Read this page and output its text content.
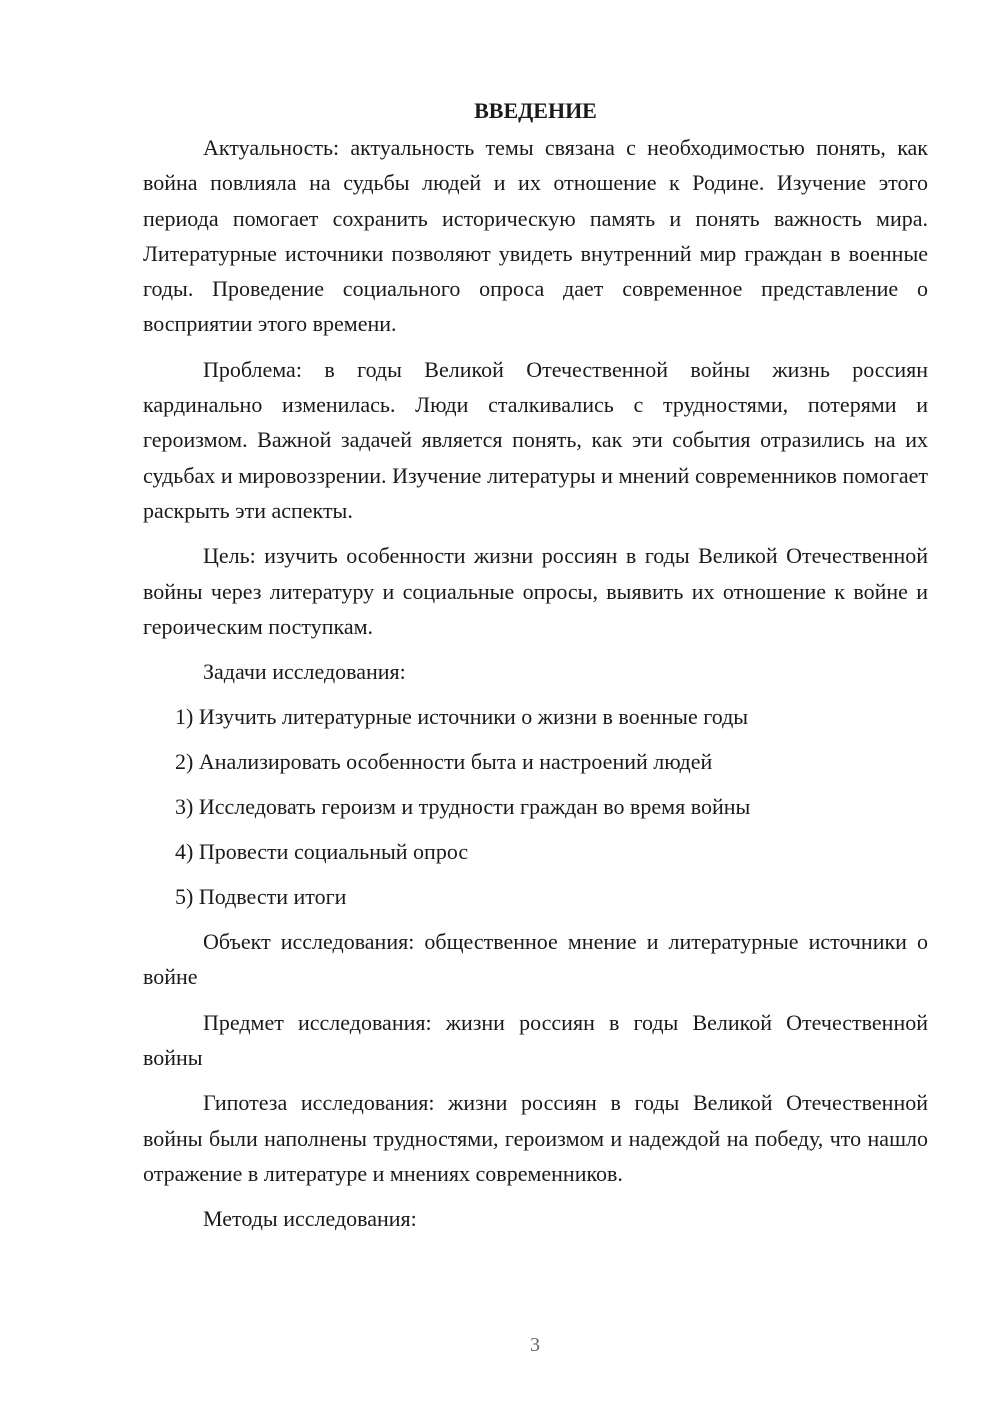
ВВЕДЕНИЕ

Актуальность: актуальность темы связана с необходимостью понять, как война повлияла на судьбы людей и их отношение к Родине. Изучение этого периода помогает сохранить историческую память и понять важность мира. Литературные источники позволяют увидеть внутренний мир граждан в военные годы. Проведение социального опроса дает современное представление о восприятии этого времени.

Проблема: в годы Великой Отечественной войны жизнь россиян кардинально изменилась. Люди сталкивались с трудностями, потерями и героизмом. Важной задачей является понять, как эти события отразились на их судьбах и мировоззрении. Изучение литературы и мнений современников помогает раскрыть эти аспекты.

Цель: изучить особенности жизни россиян в годы Великой Отечественной войны через литературу и социальные опросы, выявить их отношение к войне и героическим поступкам.

Задачи исследования:

1) Изучить литературные источники о жизни в военные годы
2) Анализировать особенности быта и настроений людей
3) Исследовать героизм и трудности граждан во время войны
4) Провести социальный опрос
5) Подвести итоги

Объект исследования: общественное мнение и литературные источники о войне

Предмет исследования: жизни россиян в годы Великой Отечественной войны

Гипотеза исследования: жизни россиян в годы Великой Отечественной войны были наполнены трудностями, героизмом и надеждой на победу, что нашло отражение в литературе и мнениях современников.

Методы исследования:

3
